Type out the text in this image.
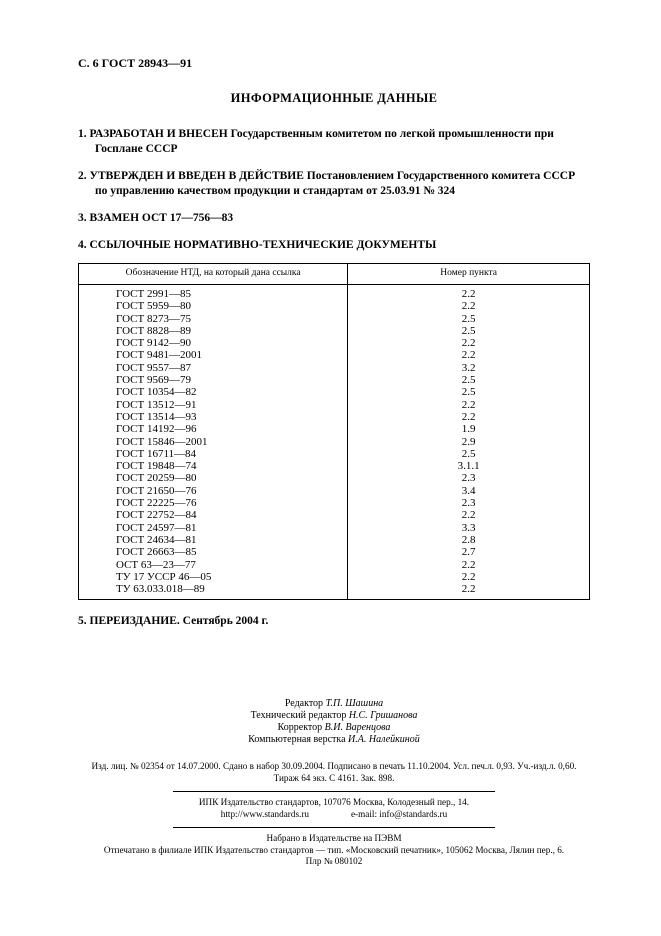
С. 6 ГОСТ 28943—91
ИНФОРМАЦИОННЫЕ ДАННЫЕ
1. РАЗРАБОТАН И ВНЕСЕН Государственным комитетом по легкой промышленности при Госплане СССР
2. УТВЕРЖДЕН И ВВЕДЕН В ДЕЙСТВИЕ Постановлением Государственного комитета СССР по управлению качеством продукции и стандартам от 25.03.91 № 324
3. ВЗАМЕН ОСТ 17—756—83
4. ССЫЛОЧНЫЕ НОРМАТИВНО-ТЕХНИЧЕСКИЕ ДОКУМЕНТЫ
Обозначение НТД, на который дана ссылка	Номер пункта
ГОСТ 2991—85	2.2
ГОСТ 5959—80	2.2
ГОСТ 8273—75	2.5
ГОСТ 8828—89	2.5
ГОСТ 9142—90	2.2
ГОСТ 9481—2001	2.2
ГОСТ 9557—87	3.2
ГОСТ 9569—79	2.5
ГОСТ 10354—82	2.5
ГОСТ 13512—91	2.2
ГОСТ 13514—93	2.2
ГОСТ 14192—96	1.9
ГОСТ 15846—2001	2.9
ГОСТ 16711—84	2.5
ГОСТ 19848—74	3.1.1
ГОСТ 20259—80	2.3
ГОСТ 21650—76	3.4
ГОСТ 22225—76	2.3
ГОСТ 22752—84	2.2
ГОСТ 24597—81	3.3
ГОСТ 24634—81	2.8
ГОСТ 26663—85	2.7
ОСТ 63—23—77	2.2
ТУ 17 УССР 46—05	2.2
ТУ 63.033.018—89	2.2
5. ПЕРЕИЗДАНИЕ. Сентябрь 2004 г.
Редактор Т.П. Шашина
Технический редактор Н.С. Гришанова
Корректор В.И. Варенцова
Компьютерная верстка И.А. Налейкиной
Изд. лиц. № 02354 от 14.07.2000. Сдано в набор 30.09.2004. Подписано в печать 11.10.2004. Усл. печ.л. 0,93. Уч.-изд.л. 0,60.
Тираж 64 экз. С 4161. Зак. 898.
ИПК Издательство стандартов, 107076 Москва, Колодезный пер., 14.
http://www.standards.ru	e-mail: info@standards.ru
Набрано в Издательстве на ПЭВМ
Отпечатано в филиале ИПК Издательство стандартов — тип. «Московский печатник», 105062 Москва, Лялин пер., 6.
Плр № 080102
